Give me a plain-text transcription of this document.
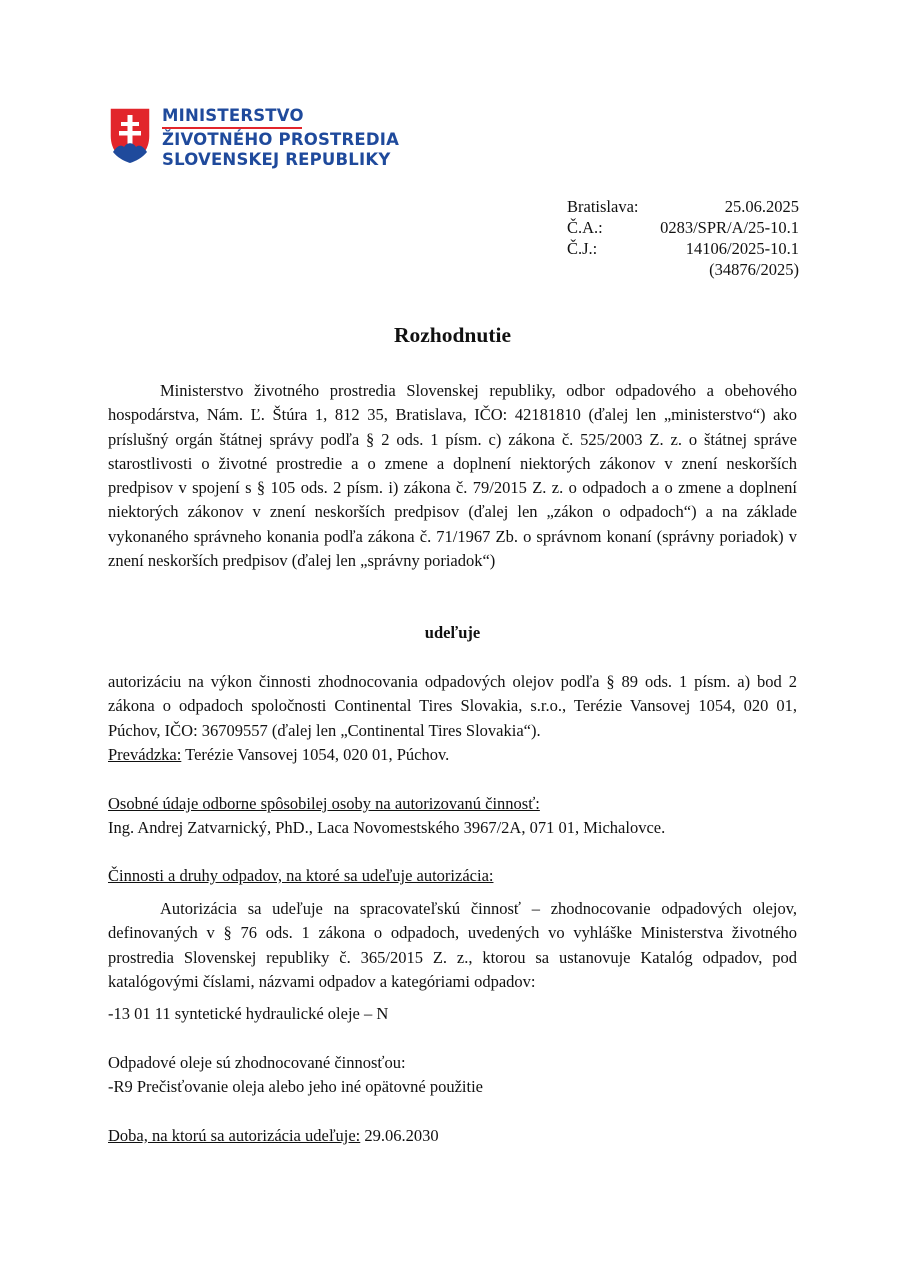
MINISTERSTVO
ŽIVOTNÉHO PROSTREDIA
SLOVENSKEJ REPUBLIKY
Bratislava:	25.06.2025
Č.A.:	0283/SPR/A/25-10.1
Č.J.:	14106/2025-10.1
(34876/2025)
Rozhodnutie

Ministerstvo životného prostredia Slovenskej republiky, odbor odpadového a obehového hospodárstva, Nám. Ľ. Štúra 1, 812 35, Bratislava, IČO: 42181810 (ďalej len „ministerstvo“) ako príslušný orgán štátnej správy podľa § 2 ods. 1 písm. c) zákona č. 525/2003 Z. z. o štátnej správe starostlivosti o životné prostredie a o zmene a doplnení niektorých zákonov v znení neskorších predpisov v spojení s § 105 ods. 2 písm. i) zákona č. 79/2015 Z. z. o odpadoch a o zmene a doplnení niektorých zákonov v znení neskorších predpisov (ďalej len „zákon o odpadoch“) a na základe vykonaného správneho konania podľa zákona č. 71/1967 Zb. o správnom konaní (správny poriadok) v znení neskorších predpisov (ďalej len „správny poriadok“)

udeľuje

autorizáciu na výkon činnosti zhodnocovania odpadových olejov podľa § 89 ods. 1 písm. a) bod 2 zákona o odpadoch spoločnosti Continental Tires Slovakia, s.r.o., Terézie Vansovej 1054, 020 01, Púchov, IČO: 36709557 (ďalej len „Continental Tires Slovakia“).

Prevádzka: Terézie Vansovej 1054, 020 01, Púchov.

Osobné údaje odborne spôsobilej osoby na autorizovanú činnosť:

Ing. Andrej Zatvarnický, PhD., Laca Novomestského 3967/2A, 071 01, Michalovce.

Činnosti a druhy odpadov, na ktoré sa udeľuje autorizácia:

Autorizácia sa udeľuje na spracovateľskú činnosť – zhodnocovanie odpadových olejov, definovaných v § 76 ods. 1 zákona o odpadoch, uvedených vo vyhláške Ministerstva životného prostredia Slovenskej republiky č. 365/2015 Z. z., ktorou sa ustanovuje Katalóg odpadov, pod katalógovými číslami, názvami odpadov a kategóriami odpadov:

-13 01 11 syntetické hydraulické oleje – N

Odpadové oleje sú zhodnocované činnosťou:

-R9 Prečisťovanie oleja alebo jeho iné opätovné použitie

Doba, na ktorú sa autorizácia udeľuje: 29.06.2030
